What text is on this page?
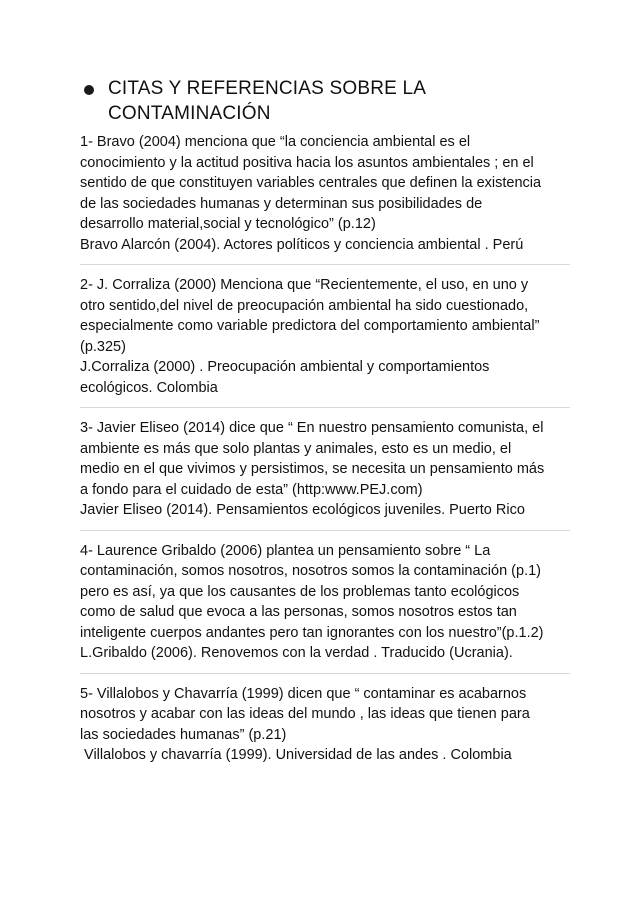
CITAS Y REFERENCIAS SOBRE LA
CONTAMINACIÓN
1- Bravo (2004) menciona que “la conciencia ambiental es el
conocimiento y la actitud positiva hacia los asuntos ambientales ; en el
sentido de que constituyen variables centrales que definen la existencia
de las sociedades humanas y determinan sus posibilidades de
desarrollo material,social y tecnológico” (p.12)
Bravo Alarcón (2004). Actores políticos y conciencia ambiental . Perú
2- J. Corraliza (2000) Menciona que “Recientemente, el uso, en uno y
otro sentido,del nivel de preocupación ambiental ha sido cuestionado,
especialmente como variable predictora del comportamiento ambiental”
(p.325)
J.Corraliza (2000) . Preocupación ambiental y comportamientos
ecológicos. Colombia
3- Javier Eliseo (2014) dice que “ En nuestro pensamiento comunista, el
ambiente es más que solo plantas y animales, esto es un medio, el
medio en el que vivimos y persistimos, se necesita un pensamiento más
a fondo para el cuidado de esta” (http:www.PEJ.com)
Javier Eliseo (2014). Pensamientos ecológicos juveniles. Puerto Rico
4- Laurence Gribaldo (2006) plantea un pensamiento sobre “ La
contaminación, somos nosotros, nosotros somos la contaminación (p.1)
pero es así, ya que los causantes de los problemas tanto ecológicos
como de salud que evoca a las personas, somos nosotros estos tan
inteligente cuerpos andantes pero tan ignorantes con los nuestro”(p.1.2)
L.Gribaldo (2006). Renovemos con la verdad . Traducido (Ucrania).
5- Villalobos y Chavarría (1999) dicen que “ contaminar es acabarnos
nosotros y acabar con las ideas del mundo , las ideas que tienen para
las sociedades humanas” (p.21)
Villalobos y chavarría (1999). Universidad de las andes . Colombia
